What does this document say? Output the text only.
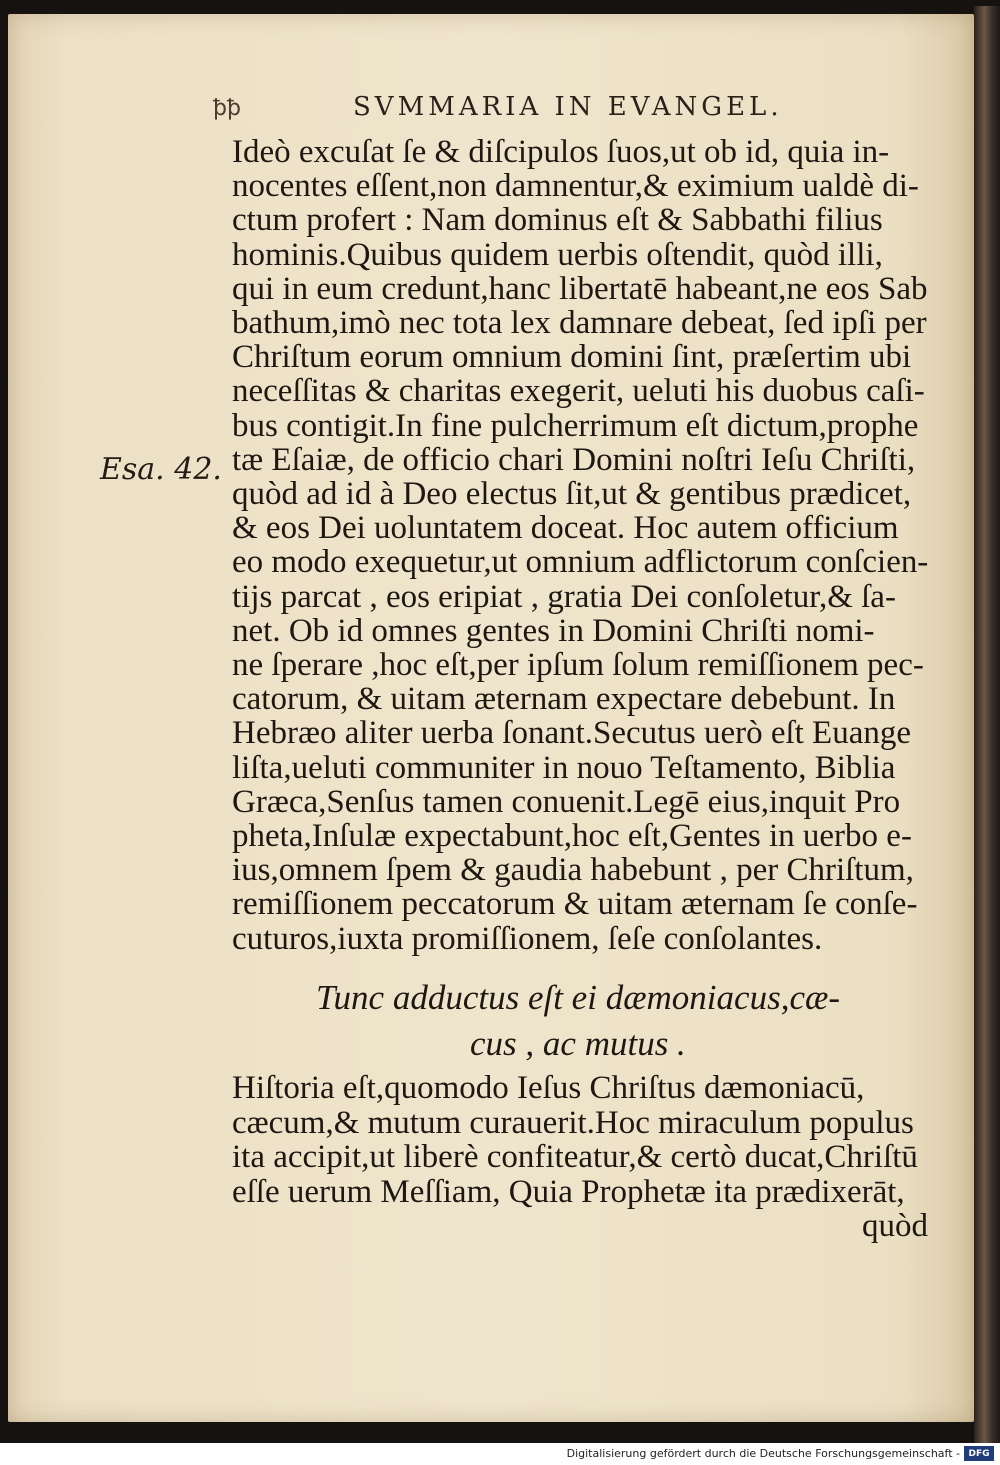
ꝥꝥ	SVMMARIA IN EVANGEL.
Esa. 42.
Ideò excuſat ſe & diſcipulos ſuos,ut ob id, quia in-
nocentes eſſent,non damnentur,& eximium ualdè di-
ctum profert : Nam dominus eſt & Sabbathi filius
hominis.Quibus quidem uerbis oſtendit, quòd illi,
qui in eum credunt,hanc libertatē habeant,ne eos Sab
bathum,imò nec tota lex damnare debeat, ſed ipſi per
Chriſtum eorum omnium domini ſint, præſertim ubi
neceſſitas & charitas exegerit, ueluti his duobus caſi-
bus contigit.In fine pulcherrimum eſt dictum,prophe
tæ Eſaiæ, de officio chari Domini noſtri Ieſu Chriſti,
quòd ad id à Deo electus ſit,ut & gentibus prædicet,
& eos Dei uoluntatem doceat. Hoc autem officium
eo modo exequetur,ut omnium adflictorum conſcien-
tijs parcat , eos eripiat , gratia Dei conſoletur,& ſa-
net. Ob id omnes gentes in Domini Chriſti nomi-
ne ſperare ,hoc eſt,per ipſum ſolum remiſſionem pec-
catorum, & uitam æternam expectare debebunt. In
Hebræo aliter uerba ſonant.Secutus uerò eſt Euange
liſta,ueluti communiter in nouo Teſtamento, Biblia
Græca,Senſus tamen conuenit.Legē eius,inquit Pro
pheta,Inſulæ expectabunt,hoc eſt,Gentes in uerbo e-
ius,omnem ſpem & gaudia habebunt , per Chriſtum,
remiſſionem peccatorum & uitam æternam ſe conſe-
cuturos,iuxta promiſſionem, ſeſe conſolantes.
Tunc adductus eſt ei dæmoniacus,cæ-
cus , ac mutus .
Hiſtoria eſt,quomodo Ieſus Chriſtus dæmoniacū,
cæcum,& mutum curauerit.Hoc miraculum populus
ita accipit,ut liberè confiteatur,& certò ducat,Chriſtū
eſſe uerum Meſſiam, Quia Prophetæ ita prædixerāt,
quòd
Digitalisierung gefördert durch die Deutsche Forschungsgemeinschaft - DFG
